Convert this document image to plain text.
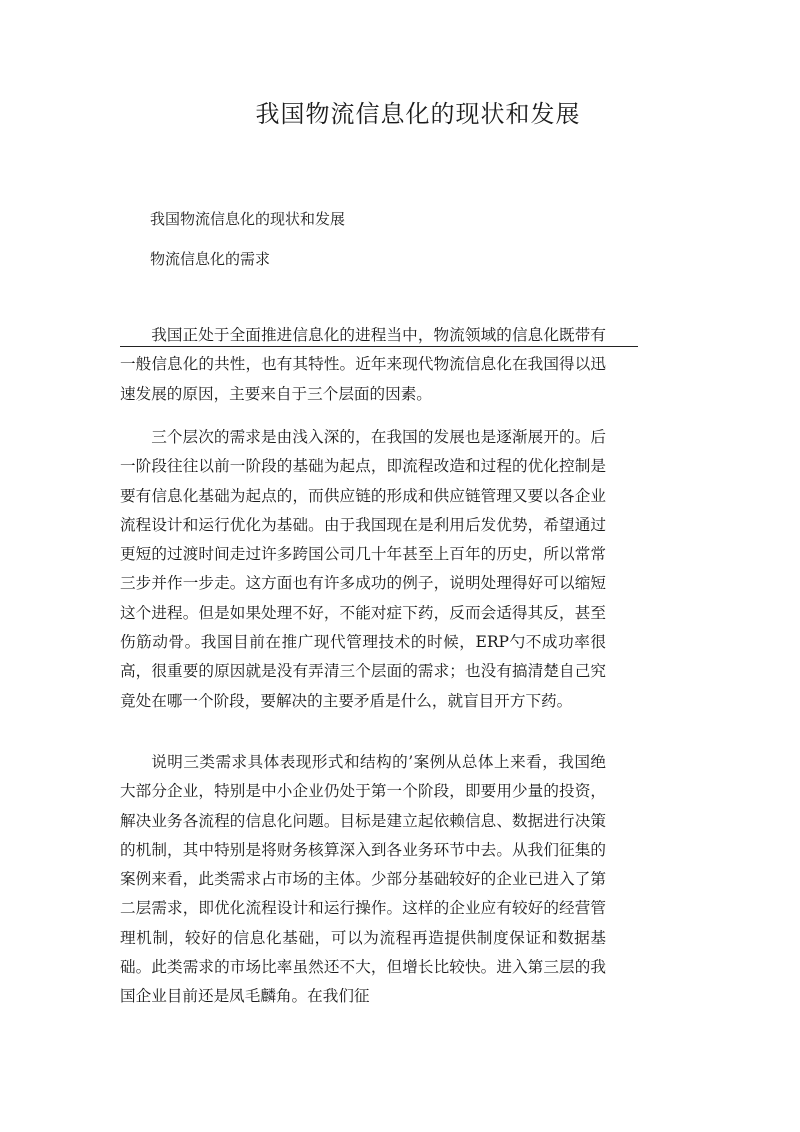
我国物流信息化的现状和发展
我国物流信息化的现状和发展
物流信息化的需求

我国正处于全面推进信息化的进程当中，物流领域的信息化既带有一般信息化的共性，也有其特性。近年来现代物流信息化在我国得以迅速发展的原因，主要来自于三个层面的因素。

三个层次的需求是由浅入深的，在我国的发展也是逐渐展开的。后一阶段往往以前一阶段的基础为起点，即流程改造和过程的优化控制是要有信息化基础为起点的，而供应链的形成和供应链管理又要以各企业流程设计和运行优化为基础。由于我国现在是利用后发优势，希望通过更短的过渡时间走过许多跨国公司几十年甚至上百年的历史，所以常常三步并作一步走。这方面也有许多成功的例子，说明处理得好可以缩短这个进程。但是如果处理不好，不能对症下药，反而会适得其反，甚至伤筋动骨。我国目前在推广现代管理技术的时候，ERP勺不成功率很高，很重要的原因就是没有弄清三个层面的需求；也没有搞清楚自己究竟处在哪一个阶段，要解决的主要矛盾是什么，就盲目开方下药。

说明三类需求具体表现形式和结构的’案例从总体上来看，我国绝大部分企业，特别是中小企业仍处于第一个阶段，即要用少量的投资，解决业务各流程的信息化问题。目标是建立起依赖信息、数据进行决策的机制，其中特别是将财务核算深入到各业务环节中去。从我们征集的案例来看，此类需求占市场的主体。少部分基础较好的企业已进入了第二层需求，即优化流程设计和运行操作。这样的企业应有较好的经营管理机制，较好的信息化基础，可以为流程再造提供制度保证和数据基础。此类需求的市场比率虽然还不大，但增长比较快。进入第三层的我国企业目前还是凤毛麟角。在我们征
